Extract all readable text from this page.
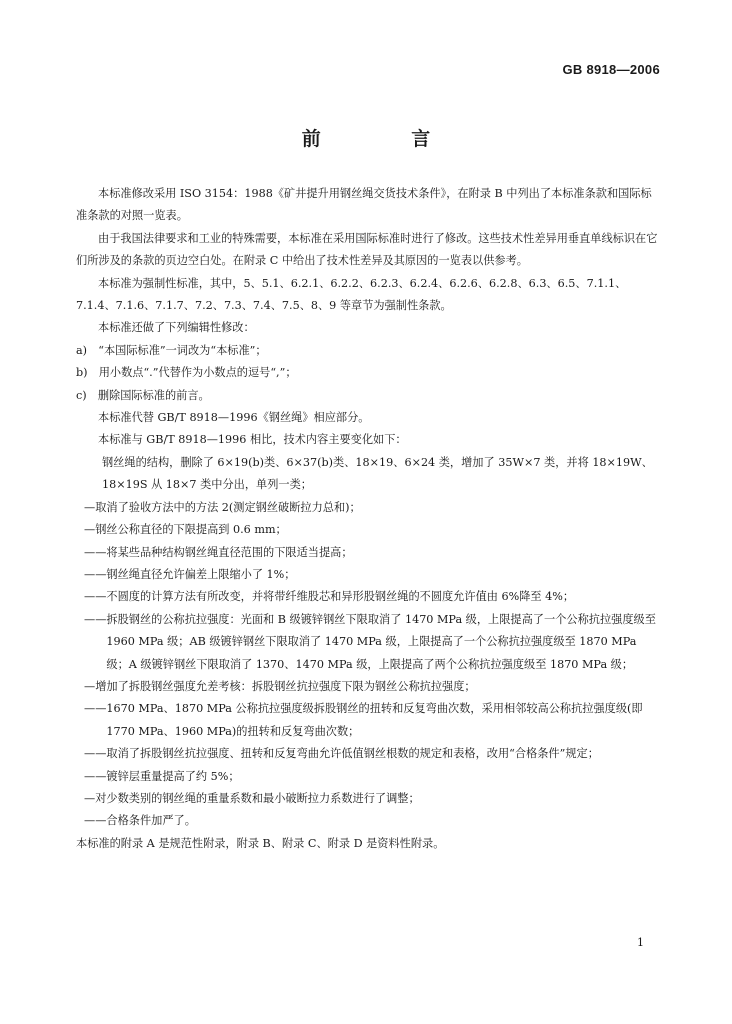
GB 8918—2006
前 言

本标准修改采用 ISO 3154：1988《矿井提升用钢丝绳交货技术条件》，在附录 B 中列出了本标准条款和国际标准条款的对照一览表。

由于我国法律要求和工业的特殊需要，本标准在采用国际标准时进行了修改。这些技术性差异用垂直单线标识在它们所涉及的条款的页边空白处。在附录 C 中给出了技术性差异及其原因的一览表以供参考。

本标准为强制性标准，其中，5、5.1、6.2.1、6.2.2、6.2.3、6.2.4、6.2.6、6.2.8、6.3、6.5、7.1.1、7.1.4、7.1.6、7.1.7、7.2、7.3、7.4、7.5、8、9 等章节为强制性条款。

本标准还做了下列编辑性修改：

a)　“本国际标准”一词改为“本标准”；

b)　用小数点“.”代替作为小数点的逗号“,”；

c)　删除国际标准的前言。

本标准代替 GB/T 8918—1996《钢丝绳》相应部分。

本标准与 GB/T 8918—1996 相比，技术内容主要变化如下：

钢丝绳的结构，删除了 6×19(b)类、6×37(b)类、18×19、6×24 类，增加了 35W×7 类，并将 18×19W、18×19S 从 18×7 类中分出，单列一类；

— 取消了验收方法中的方法 2(测定钢丝破断拉力总和)；
— 钢丝公称直径的下限提高到 0.6 mm；
—— 将某些品种结构钢丝绳直径范围的下限适当提高；
—— 钢丝绳直径允许偏差上限缩小了 1%；
—— 不圆度的计算方法有所改变，并将带纤维股芯和异形股钢丝绳的不圆度允许值由 6%降至 4%；
—— 拆股钢丝的公称抗拉强度：光面和 B 级镀锌钢丝下限取消了 1470 MPa 级，上限提高了一个公称抗拉强度级至 1960 MPa 级；AB 级镀锌钢丝下限取消了 1470 MPa 级，上限提高了一个公称抗拉强度级至 1870 MPa 级；A 级镀锌钢丝下限取消了 1370、1470 MPa 级，上限提高了两个公称抗拉强度级至 1870 MPa 级；
— 增加了拆股钢丝强度允差考核：拆股钢丝抗拉强度下限为钢丝公称抗拉强度；
—— 1670 MPa、1870 MPa 公称抗拉强度级拆股钢丝的扭转和反复弯曲次数，采用相邻较高公称抗拉强度级(即 1770 MPa、1960 MPa)的扭转和反复弯曲次数；
—— 取消了拆股钢丝抗拉强度、扭转和反复弯曲允许低值钢丝根数的规定和表格，改用“合格条件”规定；
—— 镀锌层重量提高了约 5%；
— 对少数类别的钢丝绳的重量系数和最小破断拉力系数进行了调整；
—— 合格条件加严了。

本标准的附录 A 是规范性附录，附录 B、附录 C、附录 D 是资料性附录。

1
